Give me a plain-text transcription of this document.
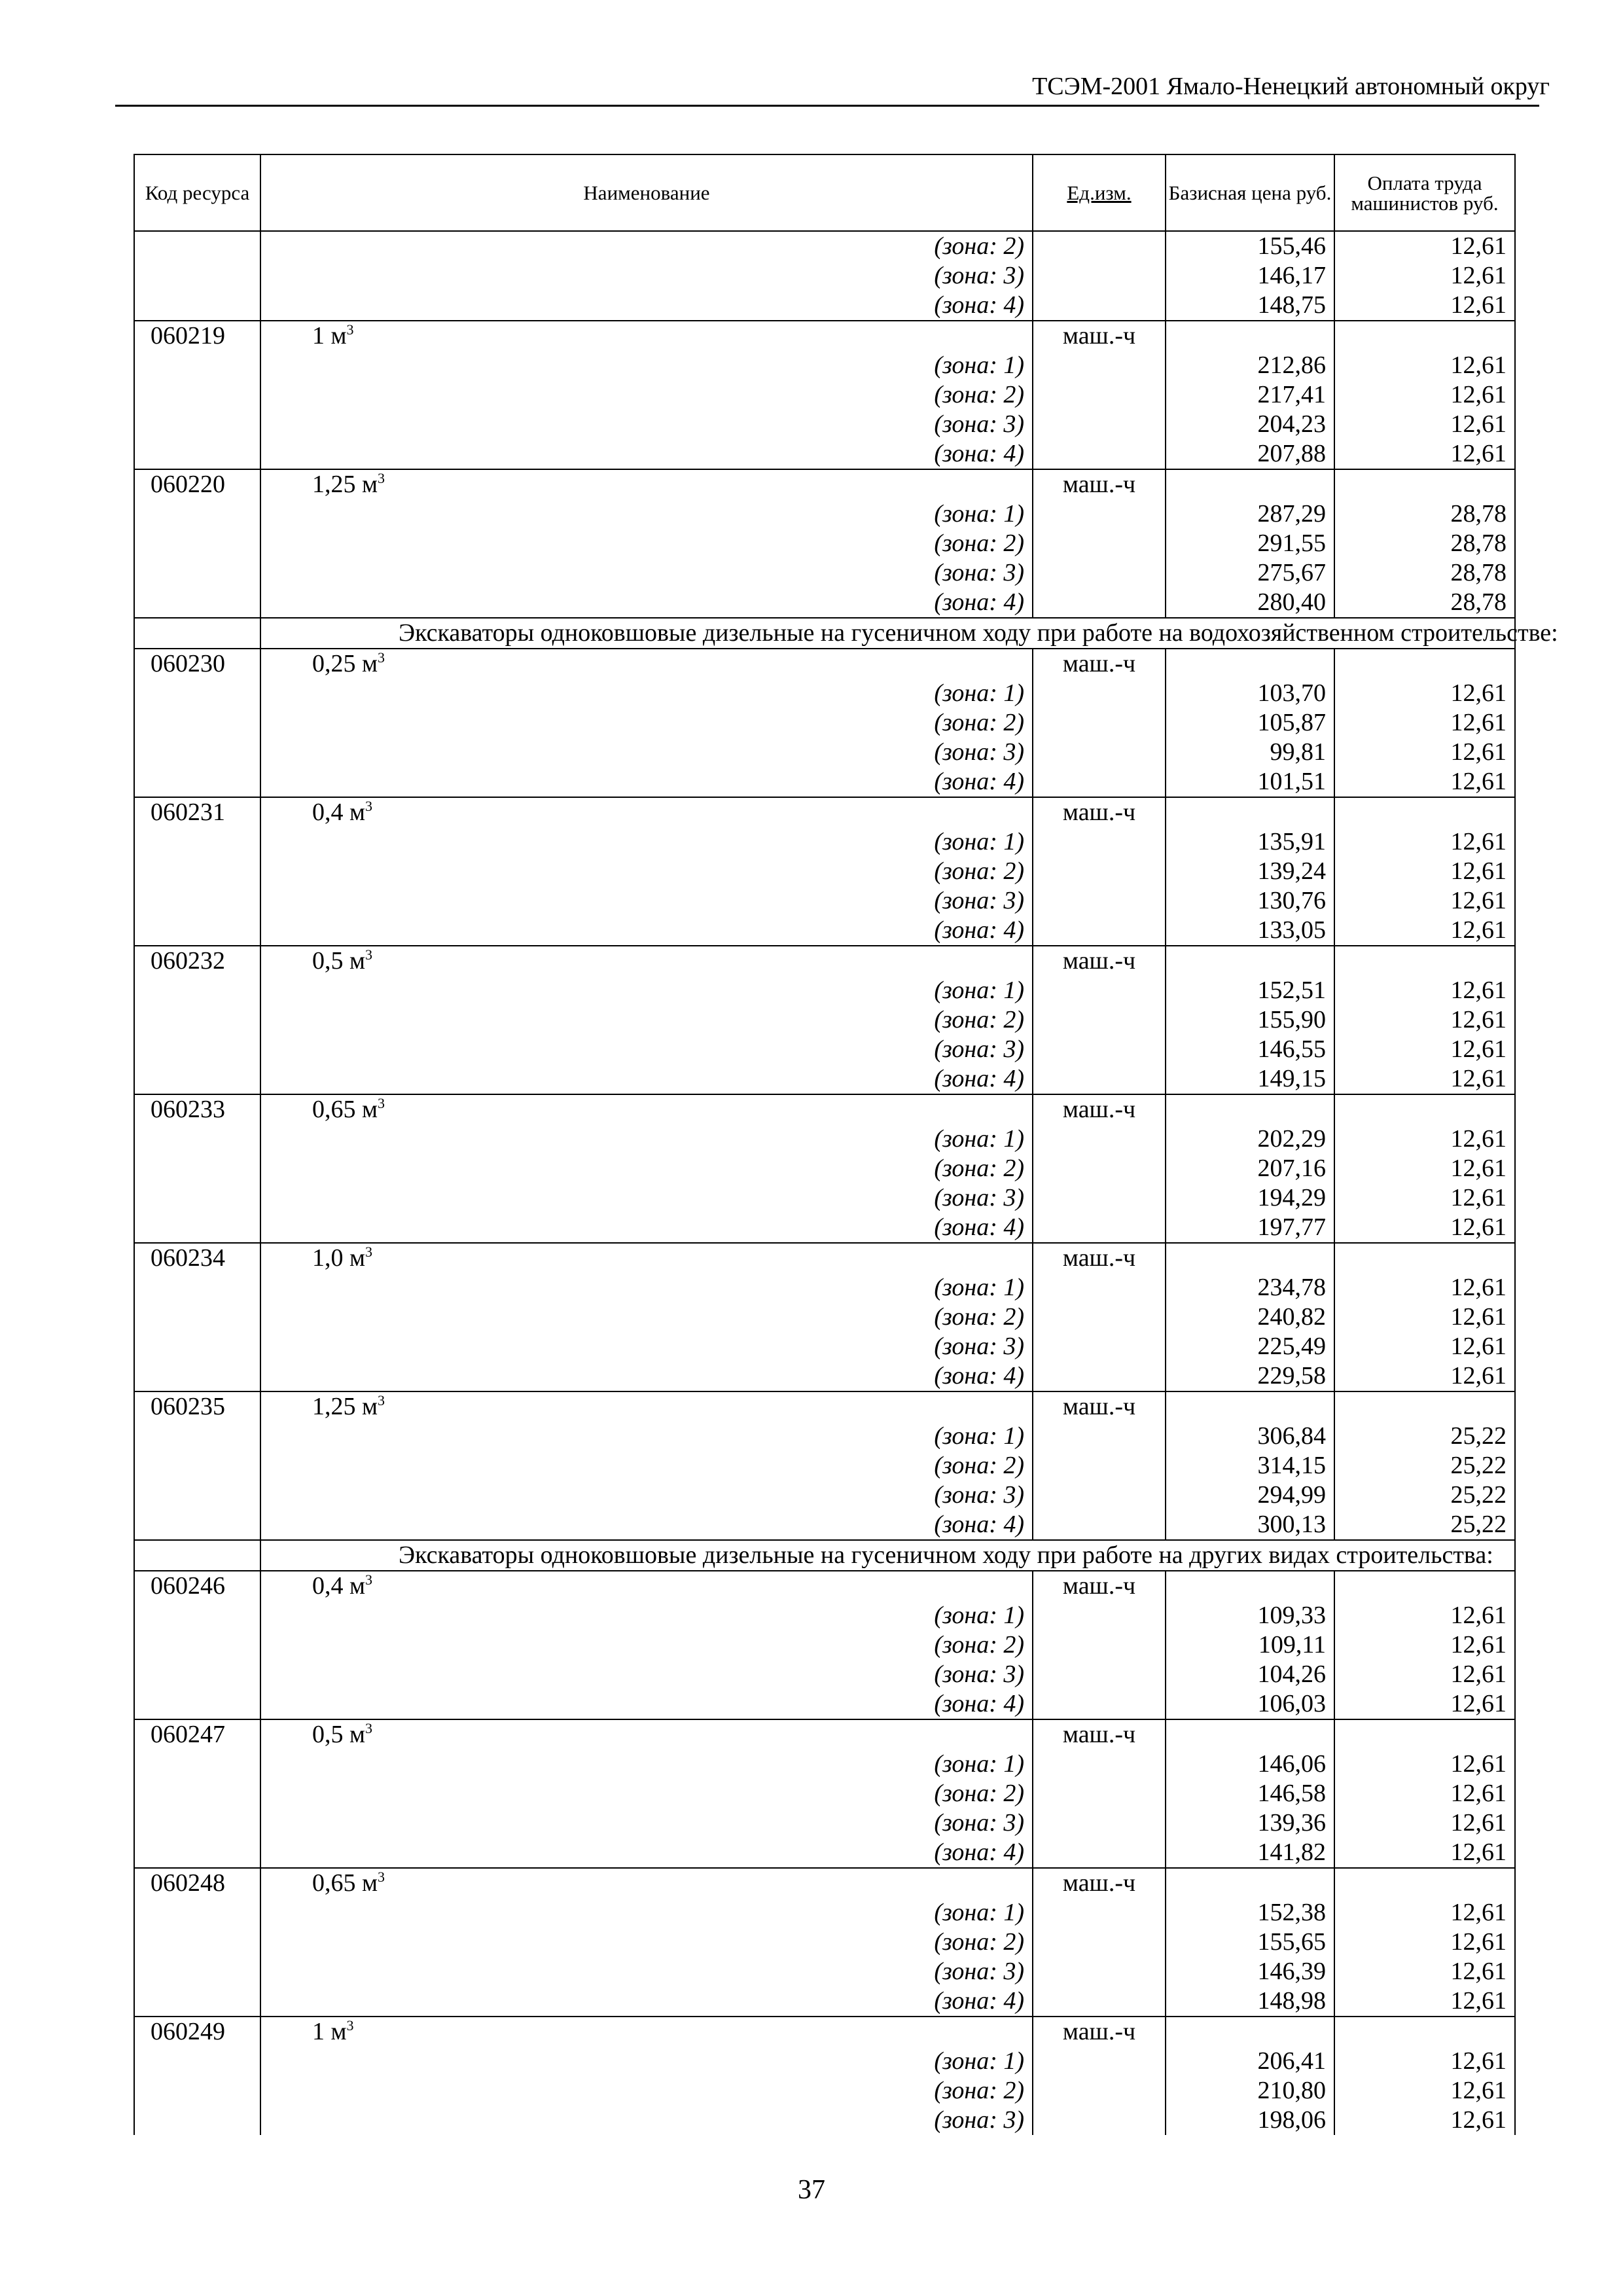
ТСЭМ-2001 Ямало-Ненецкий автономный округ
Код ресурса	Наименование	Ед.изм.	Базисная цена руб.	Оплата труда машинистов руб.
	(зона: 2)		155,46	12,61
	(зона: 3)		146,17	12,61
	(зона: 4)		148,75	12,61
060219	1 $м^3$	маш.-ч		
	(зона: 1)		212,86	12,61
	(зона: 2)		217,41	12,61
	(зона: 3)		204,23	12,61
	(зона: 4)		207,88	12,61
060220	1,25 $м^3$	маш.-ч		
	(зона: 1)		287,29	28,78
	(зона: 2)		291,55	28,78
	(зона: 3)		275,67	28,78
	(зона: 4)		280,40	28,78
	Экскаваторы одноковшовые дизельные на гусеничном ходу при работе на водохозяйственном строительстве:			
060230	0,25 $м^3$	маш.-ч		
	(зона: 1)		103,70	12,61
	(зона: 2)		105,87	12,61
	(зона: 3)		99,81	12,61
	(зона: 4)		101,51	12,61
060231	0,4 $м^3$	маш.-ч		
	(зона: 1)		135,91	12,61
	(зона: 2)		139,24	12,61
	(зона: 3)		130,76	12,61
	(зона: 4)		133,05	12,61
060232	0,5 $м^3$	маш.-ч		
	(зона: 1)		152,51	12,61
	(зона: 2)		155,90	12,61
	(зона: 3)		146,55	12,61
	(зона: 4)		149,15	12,61
060233	0,65 $м^3$	маш.-ч		
	(зона: 1)		202,29	12,61
	(зона: 2)		207,16	12,61
	(зона: 3)		194,29	12,61
	(зона: 4)		197,77	12,61
060234	1,0 $м^3$	маш.-ч		
	(зона: 1)		234,78	12,61
	(зона: 2)		240,82	12,61
	(зона: 3)		225,49	12,61
	(зона: 4)		229,58	12,61
060235	1,25 $м^3$	маш.-ч		
	(зона: 1)		306,84	25,22
	(зона: 2)		314,15	25,22
	(зона: 3)		294,99	25,22
	(зона: 4)		300,13	25,22
	Экскаваторы одноковшовые дизельные на гусеничном ходу при работе на других видах строительства:			
060246	0,4 $м^3$	маш.-ч		
	(зона: 1)		109,33	12,61
	(зона: 2)		109,11	12,61
	(зона: 3)		104,26	12,61
	(зона: 4)		106,03	12,61
060247	0,5 $м^3$	маш.-ч		
	(зона: 1)		146,06	12,61
	(зона: 2)		146,58	12,61
	(зона: 3)		139,36	12,61
	(зона: 4)		141,82	12,61
060248	0,65 $м^3$	маш.-ч		
	(зона: 1)		152,38	12,61
	(зона: 2)		155,65	12,61
	(зона: 3)		146,39	12,61
	(зона: 4)		148,98	12,61
060249	1 $м^3$	маш.-ч		
	(зона: 1)		206,41	12,61
	(зона: 2)		210,80	12,61
	(зона: 3)		198,06	12,61
37
